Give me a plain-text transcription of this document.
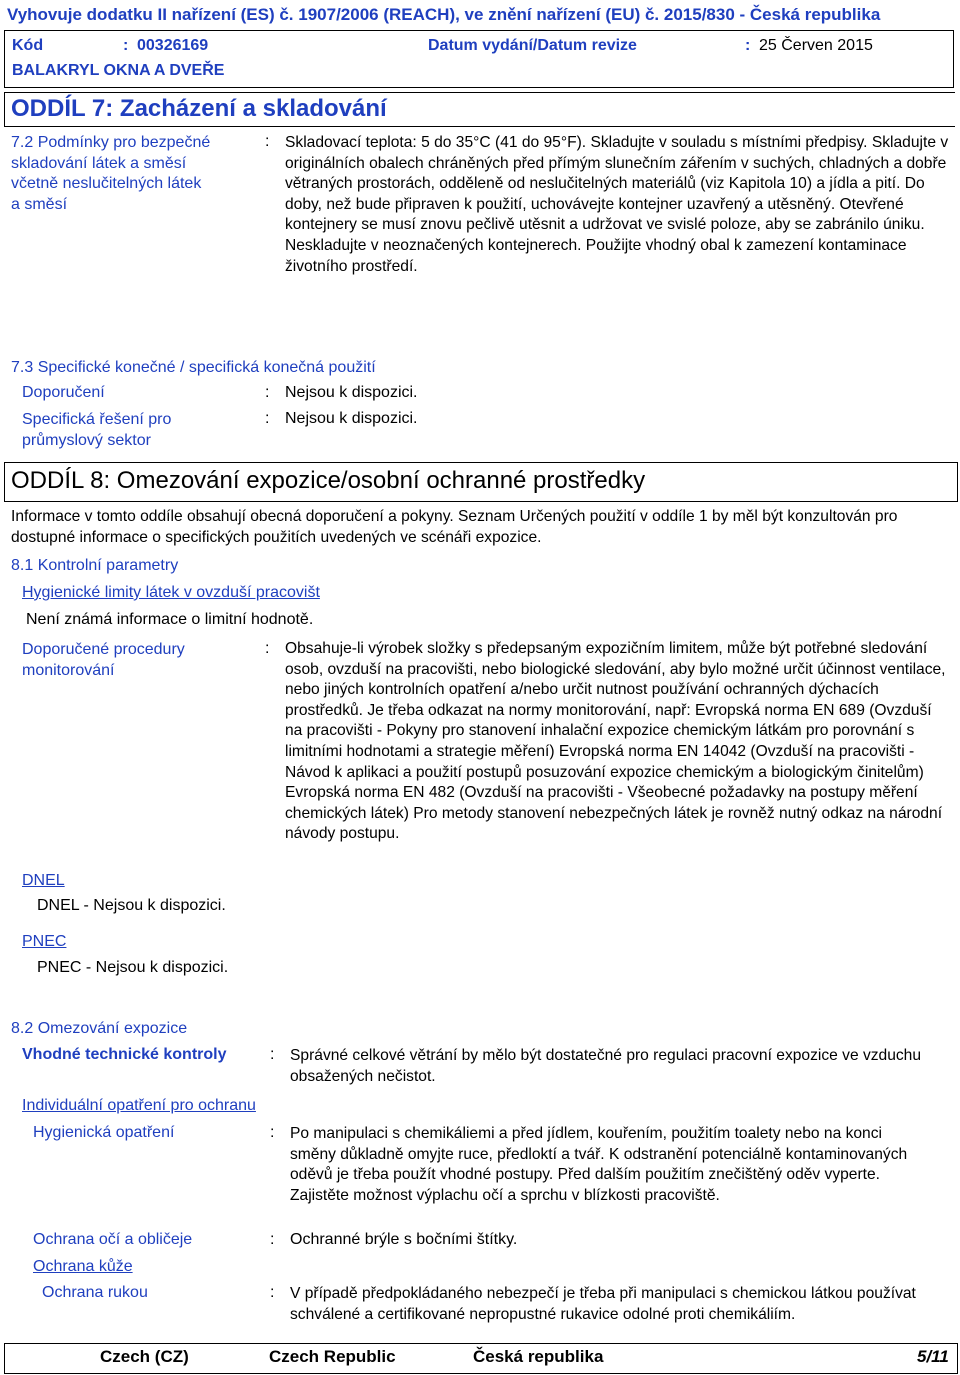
Vyhovuje dodatku II nařízení (ES) č. 1907/2006 (REACH), ve znění nařízení (EU) č. 2015/830 - Česká republika
Kód	: 00326169	Datum vydání/Datum revize	: 25 Červen 2015
BALAKRYL OKNA A DVEŘE
ODDÍL 7: Zacházení a skladování
7.2 Podmínky pro bezpečné
skladování látek a směsí
včetně neslučitelných látek
a směsí
: Skladovací teplota: 5 do 35°C (41 do 95°F). Skladujte v souladu s místními předpisy. Skladujte v originálních obalech chráněných před přímým slunečním zářením v suchých, chladných a dobře větraných prostorách, odděleně od neslučitelných materiálů (viz Kapitola 10) a jídla a pití. Do doby, než bude připraven k použití, uchovávejte kontejner uzavřený a utěsněný. Otevřené kontejnery se musí znovu pečlivě utěsnit a udržovat ve svislé poloze, aby se zabránilo úniku. Neskladujte v neoznačených kontejnerech. Použijte vhodný obal k zamezení kontaminace životního prostředí.
7.3 Specifické konečné / specifická konečná použití
Doporučení	: Nejsou k dispozici.
Specifická řešení pro
průmyslový sektor
: Nejsou k dispozici.
ODDÍL 8: Omezování expozice/osobní ochranné prostředky
Informace v tomto oddíle obsahují obecná doporučení a pokyny. Seznam Určených použití v oddíle 1 by měl být konzultován pro dostupné informace o specifických použitích uvedených ve scénáři expozice.
8.1 Kontrolní parametry
Hygienické limity látek v ovzduší pracovišt
Není známá informace o limitní hodnotě.
Doporučené procedury
monitorování
: Obsahuje-li výrobek složky s předepsaným expozičním limitem, může být potřebné sledování osob, ovzduší na pracovišti, nebo biologické sledování, aby bylo možné určit účinnost ventilace, nebo jiných kontrolních opatření a/nebo určit nutnost používání ochranných dýchacích prostředků. Je třeba odkazat na normy monitorování, např: Evropská norma EN 689 (Ovzduší na pracovišti - Pokyny pro stanovení inhalační expozice chemickým látkám pro porovnání s limitními hodnotami a strategie měření) Evropská norma EN 14042 (Ovzduší na pracovišti - Návod k aplikaci a použití postupů posuzování expozice chemickým a biologickým činitelům) Evropská norma EN 482 (Ovzduší na pracovišti - Všeobecné požadavky na postupy měření chemických látek) Pro metody stanovení nebezpečných látek je rovněž nutný odkaz na národní návody postupu.
DNEL
DNEL - Nejsou k dispozici.
PNEC
PNEC - Nejsou k dispozici.
8.2 Omezování expozice
Vhodné technické kontroly	: Správné celkové větrání by mělo být dostatečné pro regulaci pracovní expozice ve vzduchu obsažených nečistot.
Individuální opatření pro ochranu
Hygienická opatření	: Po manipulaci s chemikáliemi a před jídlem, kouřením, použitím toalety nebo na konci směny důkladně omyjte ruce, předloktí a tvář. K odstranění potenciálně kontaminovaných oděvů je třeba použít vhodné postupy. Před dalším použitím znečištěný oděv vyperte. Zajistěte možnost výplachu očí a sprchu v blízkosti pracoviště.
Ochrana očí a obličeje	: Ochranné brýle s bočními štítky.
Ochrana kůže
Ochrana rukou	: V případě předpokládaného nebezpečí je třeba při manipulaci s chemickou látkou používat schválené a certifikované nepropustné rukavice odolné proti chemikáliím.
Czech (CZ)	Czech Republic	Česká republika	5/11
